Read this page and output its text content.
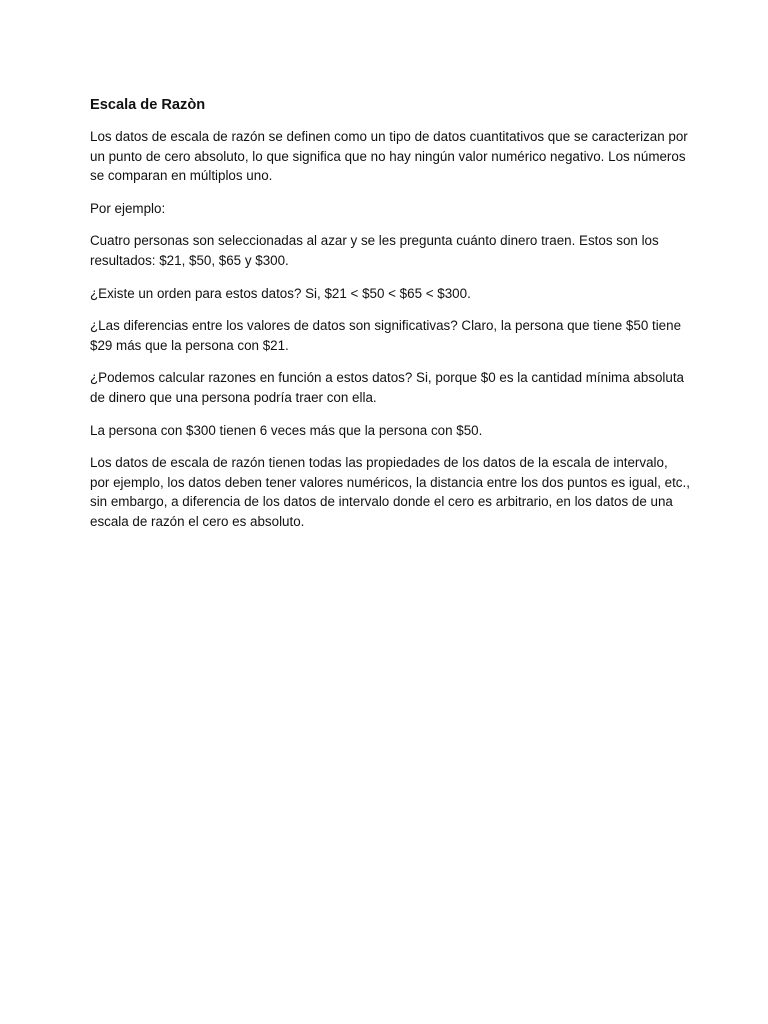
Escala de Razòn

Los datos de escala de razón se definen como un tipo de datos cuantitativos que se caracterizan por un punto de cero absoluto, lo que significa que no hay ningún valor numérico negativo. Los números se comparan en múltiplos uno.

Por ejemplo:

Cuatro personas son seleccionadas al azar y se les pregunta cuánto dinero traen. Estos son los resultados: $21, $50, $65 y $300.

¿Existe un orden para estos datos? Si, $21 < $50 < $65 < $300.

¿Las diferencias entre los valores de datos son significativas? Claro, la persona que tiene $50 tiene $29 más que la persona con $21.

¿Podemos calcular razones en función a estos datos? Si, porque $0 es la cantidad mínima absoluta de dinero que una persona podría traer con ella.

La persona con $300 tienen 6 veces más que la persona con $50.

Los datos de escala de razón tienen todas las propiedades de los datos de la escala de intervalo, por ejemplo, los datos deben tener valores numéricos, la distancia entre los dos puntos es igual, etc., sin embargo, a diferencia de los datos de intervalo donde el cero es arbitrario, en los datos de una escala de razón el cero es absoluto.
